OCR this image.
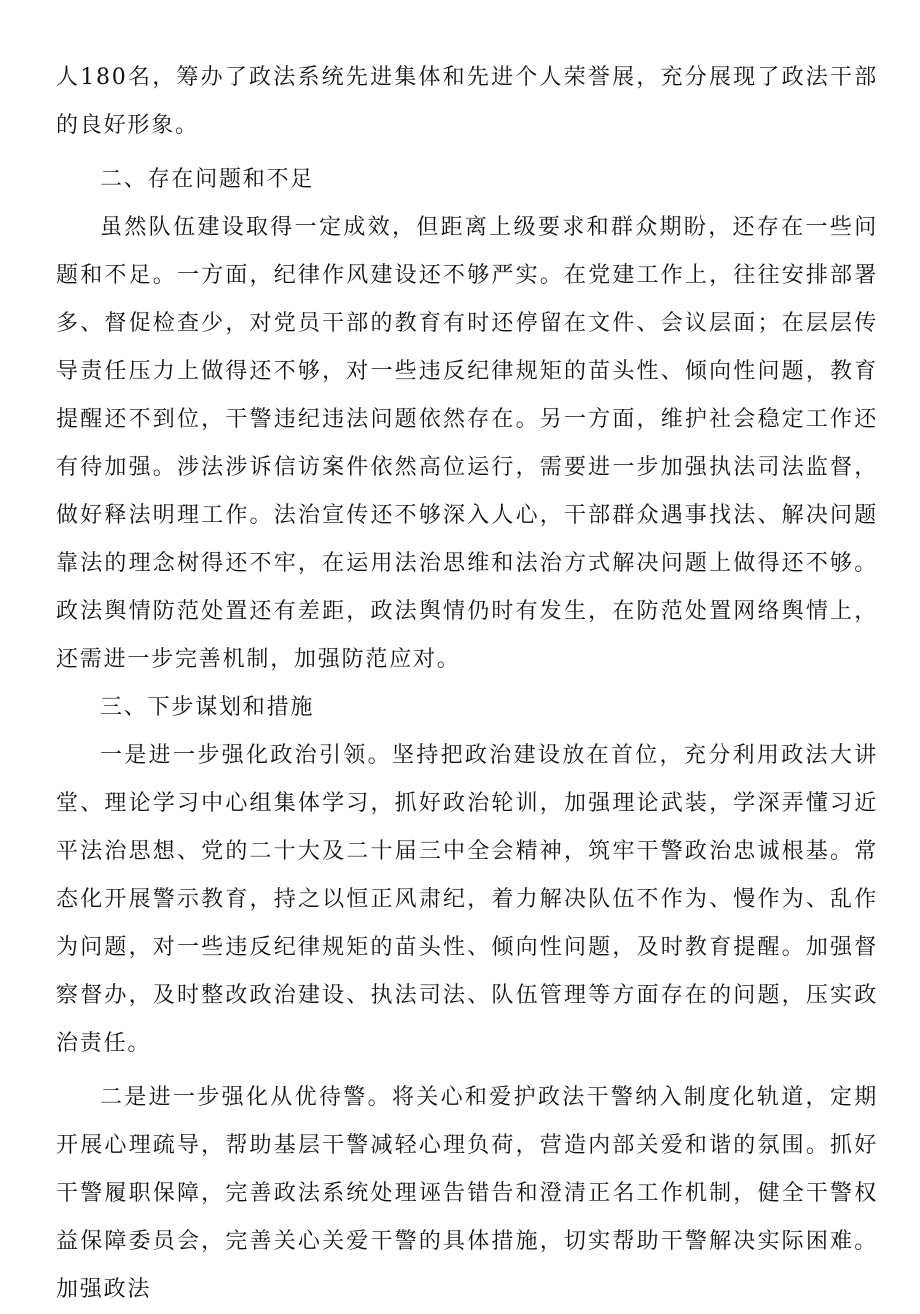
人180名，筹办了政法系统先进集体和先进个人荣誉展，充分展现了政法干部的良好形象。

二、存在问题和不足

虽然队伍建设取得一定成效，但距离上级要求和群众期盼，还存在一些问题和不足。一方面，纪律作风建设还不够严实。在党建工作上，往往安排部署多、督促检查少，对党员干部的教育有时还停留在文件、会议层面；在层层传导责任压力上做得还不够，对一些违反纪律规矩的苗头性、倾向性问题，教育提醒还不到位，干警违纪违法问题依然存在。另一方面，维护社会稳定工作还有待加强。涉法涉诉信访案件依然高位运行，需要进一步加强执法司法监督，做好释法明理工作。法治宣传还不够深入人心，干部群众遇事找法、解决问题靠法的理念树得还不牢，在运用法治思维和法治方式解决问题上做得还不够。政法舆情防范处置还有差距，政法舆情仍时有发生，在防范处置网络舆情上，还需进一步完善机制，加强防范应对。

三、下步谋划和措施

一是进一步强化政治引领。坚持把政治建设放在首位，充分利用政法大讲堂、理论学习中心组集体学习，抓好政治轮训，加强理论武装，学深弄懂习近平法治思想、党的二十大及二十届三中全会精神，筑牢干警政治忠诚根基。常态化开展警示教育，持之以恒正风肃纪，着力解决队伍不作为、慢作为、乱作为问题，对一些违反纪律规矩的苗头性、倾向性问题，及时教育提醒。加强督察督办，及时整改政治建设、执法司法、队伍管理等方面存在的问题，压实政治责任。

二是进一步强化从优待警。将关心和爱护政法干警纳入制度化轨道，定期开展心理疏导，帮助基层干警减轻心理负荷，营造内部关爱和谐的氛围。抓好干警履职保障，完善政法系统处理诬告错告和澄清正名工作机制，健全干警权益保障委员会，完善关心关爱干警的具体措施，切实帮助干警解决实际困难。加强政法
